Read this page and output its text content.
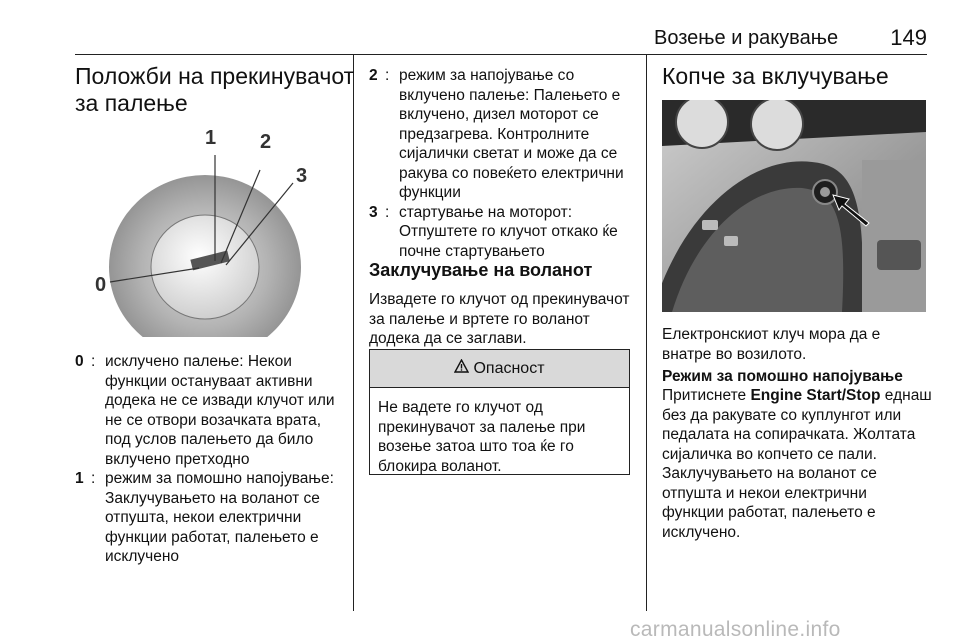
Возење и ракување 149
Положби на прекинувачот
за палење
0
1 2
3
0 : исклучено палење: Некои функции остануваат активни додека не се извади клучот или не се отвори возачката врата, под услов палењето да било вклучено претходно
1 : режим за помошно напојување: Заклучувањето на воланот се отпушта, некои електрични функции работат, палењето е исклучено
2 : режим за напојување со вклучено палење: Палењето е вклучено, дизел моторот се предзагрева. Контролните сијалички светат и може да се ракува со повеќето електрични функции
3 : стартување на моторот: Отпуштете го клучот откако ќе почне стартувањето
Заклучување на воланот
Извадете го клучот од прекинувачот за палење и вртете го воланот додека да се заглави.
Опасност
Не вадете го клучот од прекинувачот за палење при возење затоа што тоа ќе го блокира воланот.
Копче за вклучување
Електронскиот клуч мора да е внатре во возилото.
Режим за помошно напојување
Притиснете Engine Start/Stop еднаш без да ракувате со куплунгот или педалата на сопирачката. Жолтата сијаличка во копчето се пали. Заклучувањето на воланот се отпушта и некои електрични функции работат, палењето е исклучено.
carmanualsonline.info
